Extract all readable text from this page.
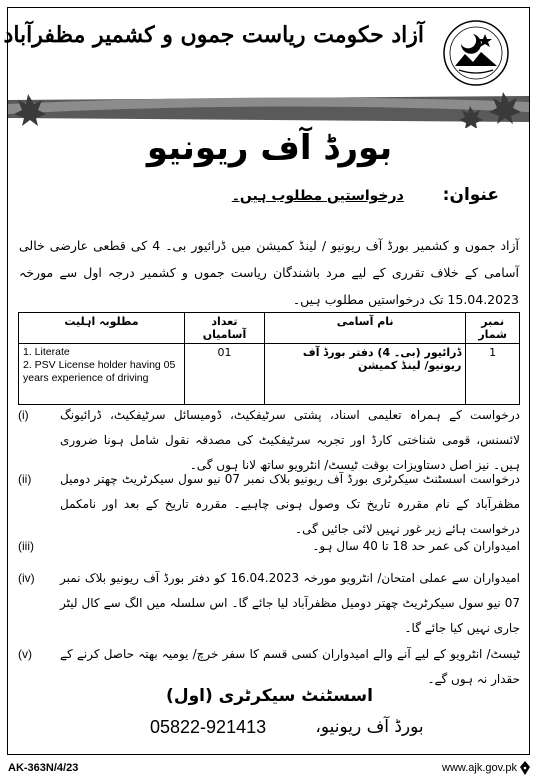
آزاد حکومت ریاست جموں و کشمیر مظفرآباد
بورڈ آف ریونیو
عنوان: درخواستیں مطلوب ہیں۔
آزاد جموں و کشمیر بورڈ آف ریونیو / لینڈ کمیشن میں ڈرائیور بی۔ 4 کی قطعی عارضی خالی آسامی کے خلاف تقرری کے لیے مرد باشندگان ریاست جموں و کشمیر درجہ اول سے مورخہ 15.04.2023 تک درخواستیں مطلوب ہیں۔
مطلوبہ اہلیت	تعداد آسامیاں	نام آسامی	نمبر شمار

1. Literate
2. PSV License holder having 05 years experience of driving	01	ڈرائیور (بی۔ 4) دفتر بورڈ آف ریونیو/ لینڈ کمیشن	1
(i)	درخواست کے ہمراہ تعلیمی اسناد، پشتی سرٹیفکیٹ، ڈومیسائل سرٹیفکیٹ، ڈرائیونگ لائسنس، قومی شناختی کارڈ اور تجربہ سرٹیفکیٹ کی مصدقہ نقول شامل ہونا ضروری ہیں۔ نیز اصل دستاویزات بوقت ٹیسٹ/ انٹرویو ساتھ لانا ہوں گی۔
(ii) درخواست اسسٹنٹ سیکرٹری بورڈ آف ریونیو بلاک نمبر 07 نیو سول سیکرٹریٹ چھتر دومیل مظفرآباد کے نام مقررہ تاریخ تک وصول ہونی چاہیے۔ مقررہ تاریخ کے بعد اور نامکمل درخواست ہائے زیر غور نہیں لائی جائیں گی۔
(iii)	امیدواران کی عمر حد 18 تا 40 سال ہو۔
(iv) امیدواران سے عملی امتحان/ انٹرویو مورخہ 16.04.2023 کو دفتر بورڈ آف ریونیو بلاک نمبر 07 نیو سول سیکرٹریٹ چھتر دومیل مظفرآباد لیا جائے گا۔ اس سلسلہ میں الگ سے کال لیٹر جاری نہیں کیا جائے گا۔
(v) ٹیسٹ/ انٹرویو کے لیے آنے والے امیدواران کسی قسم کا سفر خرچ/ یومیہ بھتہ حاصل کرنے کے حقدار نہ ہوں گے۔
اسسٹنٹ سیکرٹری (اول)
بورڈ آف ریونیو،
05822-921413
AK-363N/4/23	www.ajk.gov.pk
